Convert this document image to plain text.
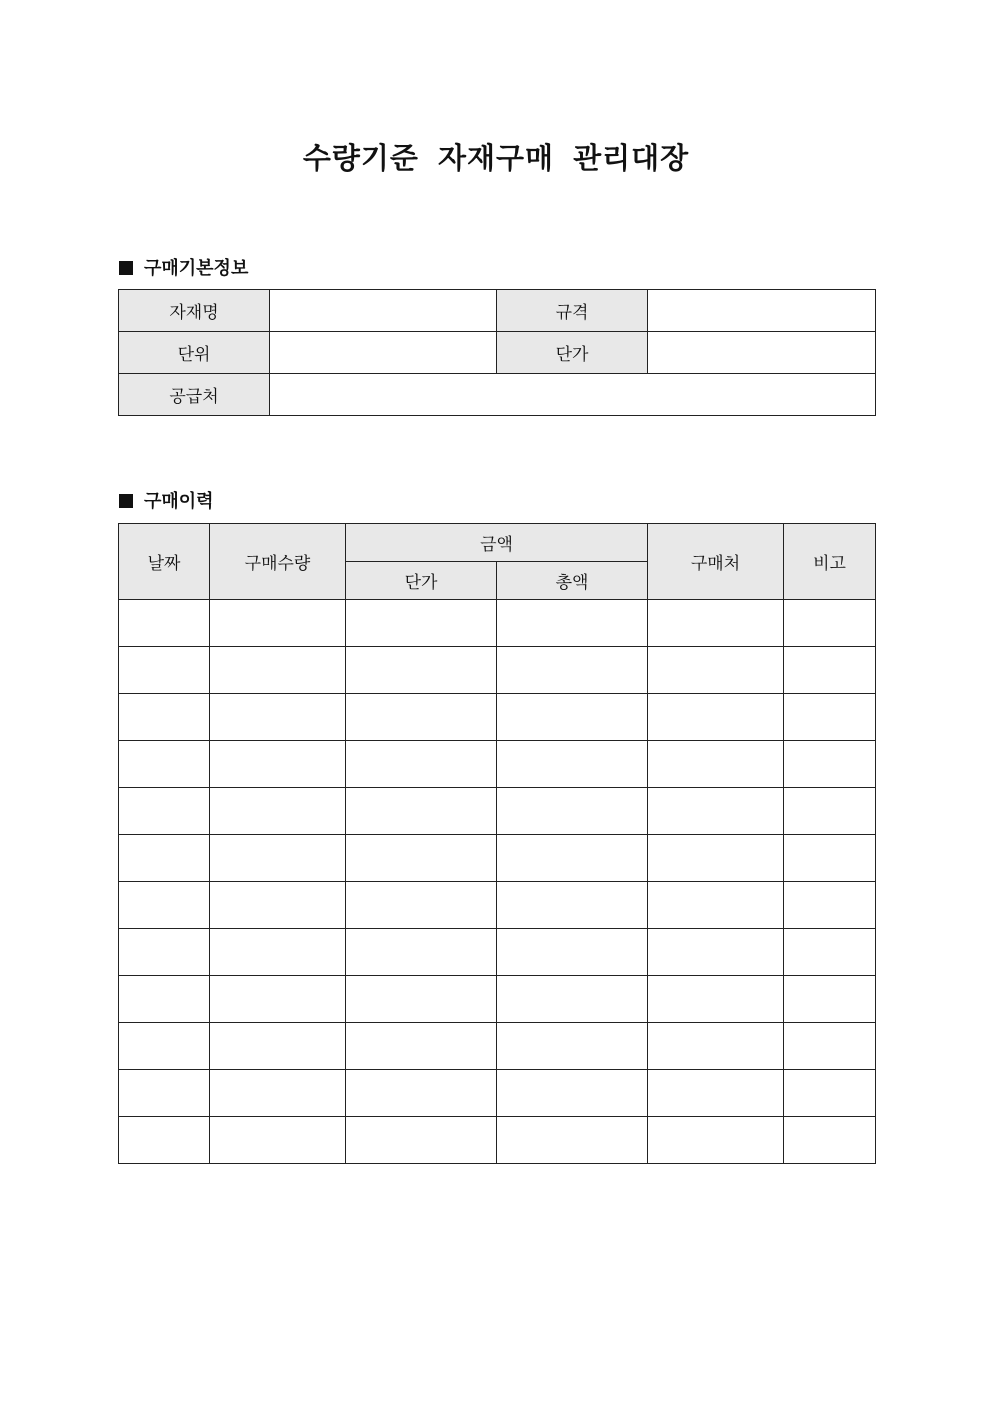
수량기준 자재구매 관리대장
구매기본정보
자재명		규격	
단위		단가	
공급처			
구매이력
날짜	구매수량	금액		구매처	비고
		단가	총액		
